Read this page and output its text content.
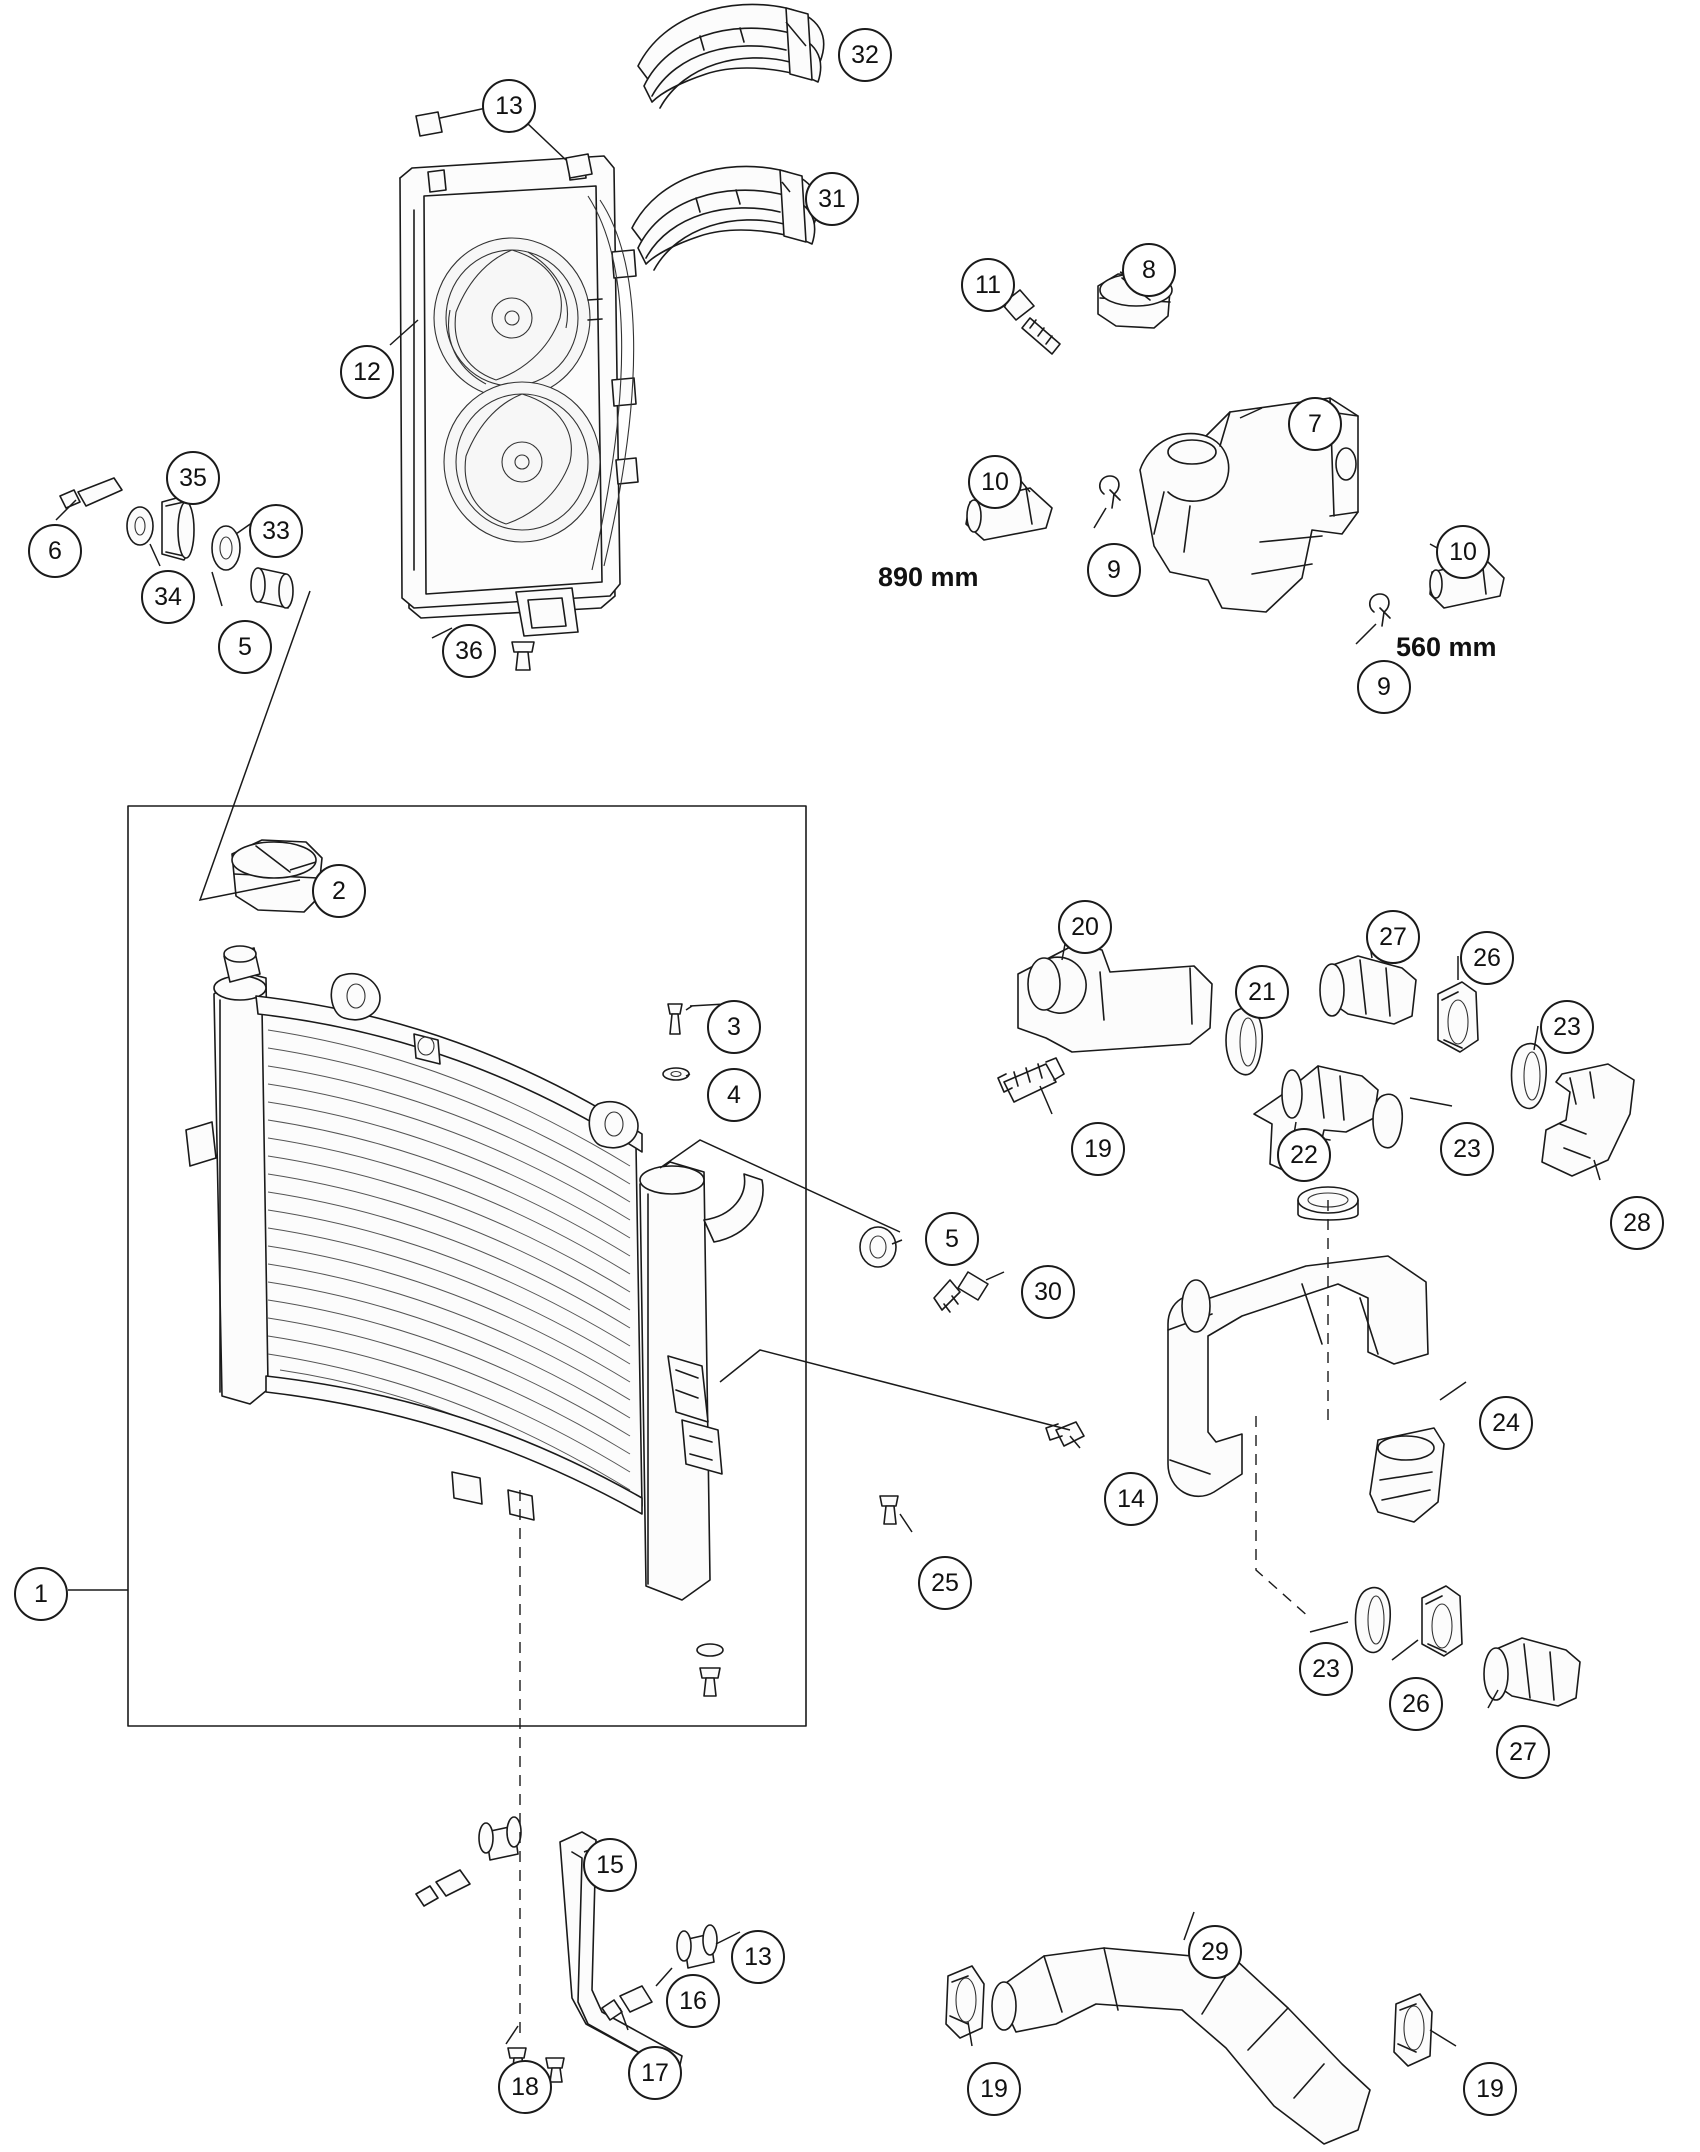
1
2
3
4
5
5
6
7
8
9
9
10
10
11
12
13
13
14
15
16
17
18
19
19	19
20
21
22
23
23
23
24
25
26
26
27
27
28
29
30
31
32
33
34
35
36
890 mm
560 mm
